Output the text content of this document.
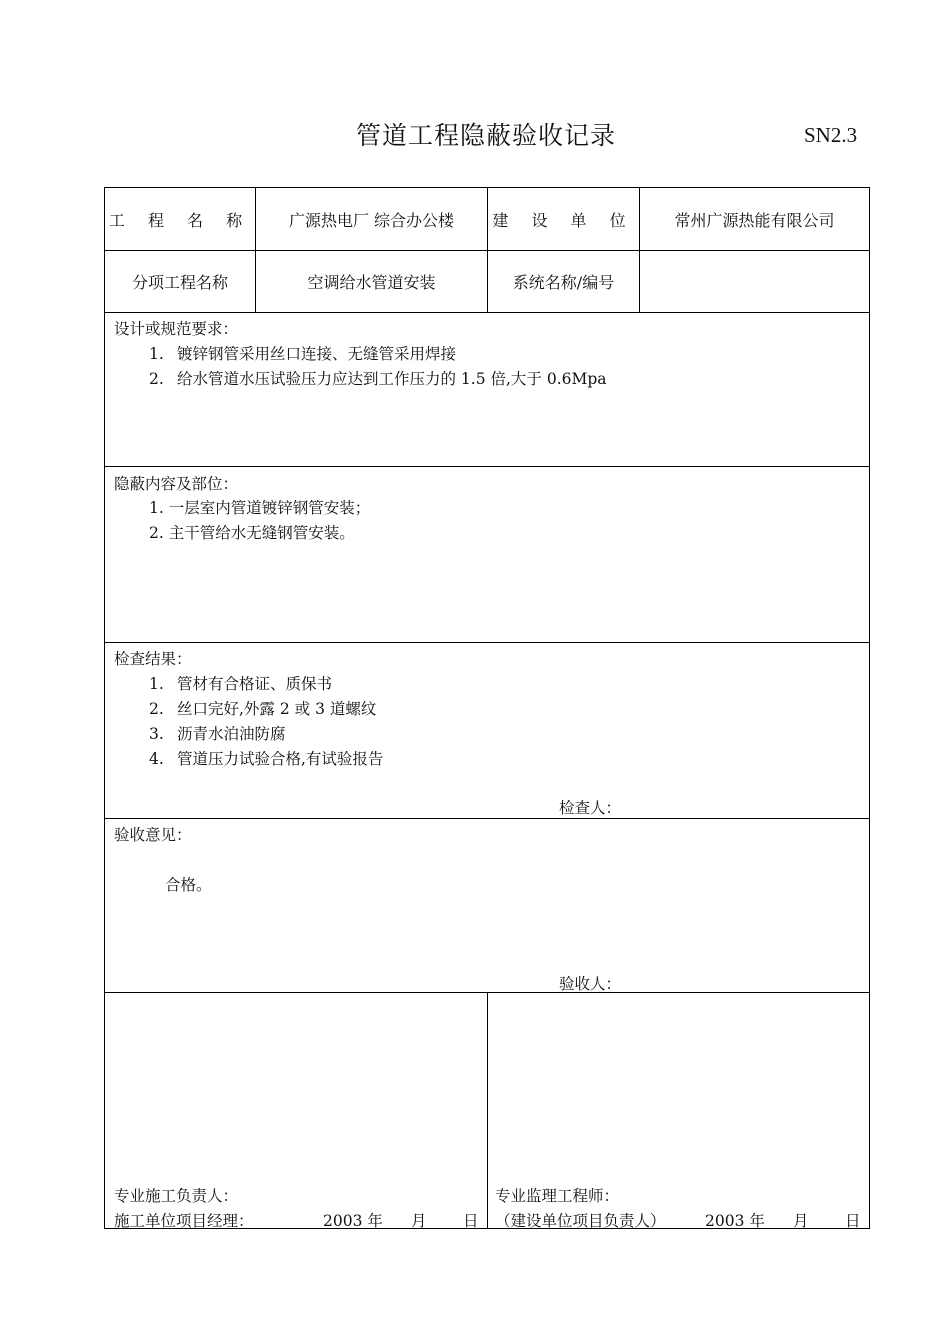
管道工程隐蔽验收记录	SN2.3
工 程 名 称	广源热电厂 综合办公楼	建 设 单 位	常州广源热能有限公司
分项工程名称	空调给水管道安装	系统名称/编号
设计或规范要求：
1. 镀锌钢管采用丝口连接、无缝管采用焊接
2. 给水管道水压试验压力应达到工作压力的 1.5 倍,大于 0.6Mpa
隐蔽内容及部位：
1. 一层室内管道镀锌钢管安装；
2. 主干管给水无缝钢管安装。
检查结果：
1. 管材有合格证、质保书
2. 丝口完好,外露 2 或 3 道螺纹
3. 沥青水泊油防腐
4. 管道压力试验合格,有试验报告
检查人：
验收意见：
合格。
验收人：
专业施工负责人：
施工单位项目经理：	2003 年 月 日
专业监理工程师：
（建设单位项目负责人）	2003 年 月 日
